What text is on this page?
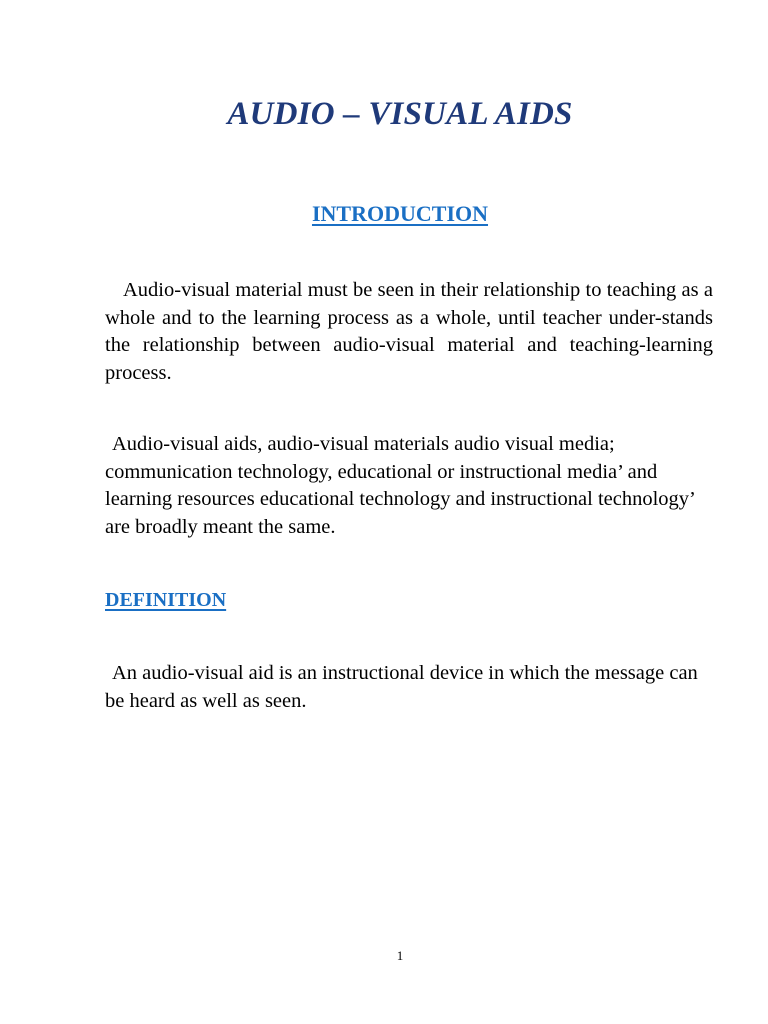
AUDIO – VISUAL AIDS
INTRODUCTION

Audio-visual material must be seen in their relationship to teaching as a whole and to the learning process as a whole, until teacher under-stands the relationship between audio-visual material and teaching-learning process.

Audio-visual aids, audio-visual materials audio visual media; communication technology, educational or instructional media’ and learning resources educational technology and instructional technology’ are broadly meant the same.

DEFINITION

An audio-visual aid is an instructional device in which the message can be heard as well as seen.

1
